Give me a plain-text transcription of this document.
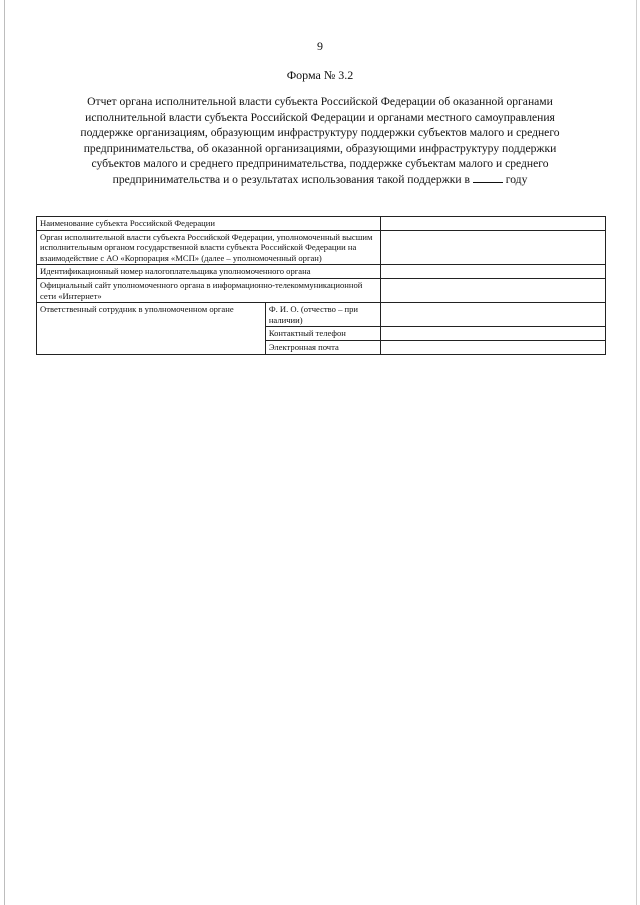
9
Форма № 3.2
Отчет органа исполнительной власти субъекта Российской Федерации об оказанной органами
исполнительной власти субъекта Российской Федерации и органами местного самоуправления
поддержке организациям, образующим инфраструктуру поддержки субъектов малого и среднего
предпринимательства, об оказанной организациями, образующими инфраструктуру поддержки
субъектов малого и среднего предпринимательства, поддержке субъектам малого и среднего
предпринимательства и о результатах использования такой поддержки в	году
Наименование субъекта Российской Федерации		
Орган исполнительной власти субъекта Российской Федерации, уполномоченный высшим исполнительным органом государственной власти субъекта Российской Федерации на взаимодействие с АО «Корпорация «МСП» (далее – уполномоченный орган)		
Идентификационный номер налогоплательщика уполномоченного органа		
Официальный сайт уполномоченного органа в информационно-телекоммуникационной сети «Интернет»		
Ответственный сотрудник в уполномоченном органе	Ф. И. О. (отчество – при наличии)	
	Контактный телефон	
	Электронная почта	
